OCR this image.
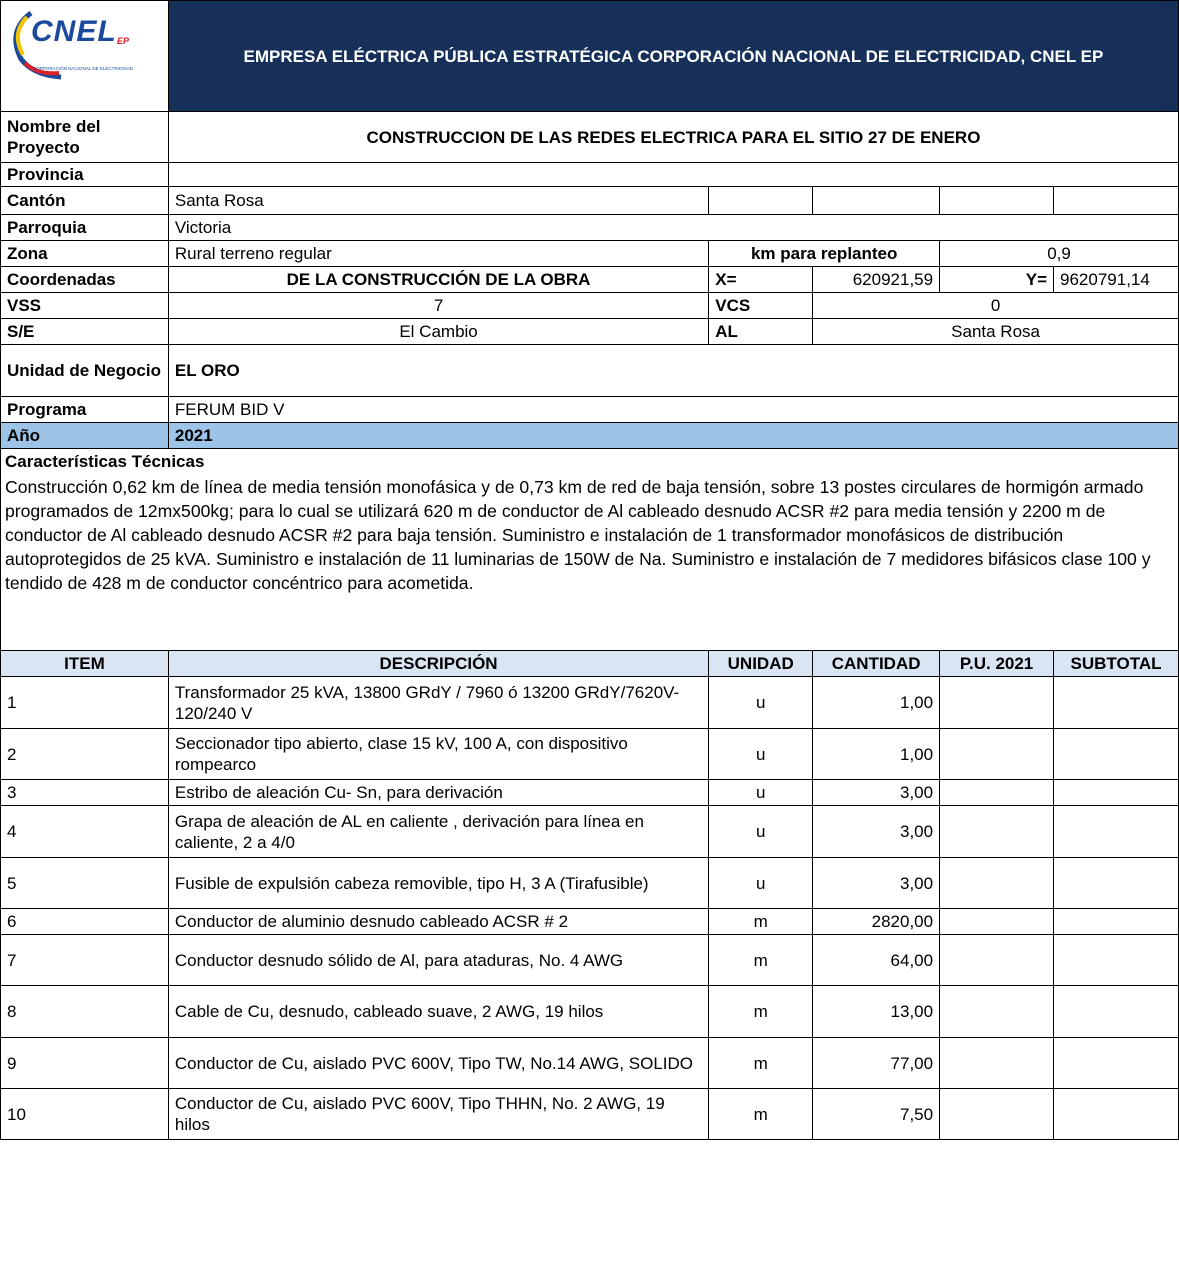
CNEL EP
CORPORACIÓN NACIONAL DE ELECTRICIDAD	EMPRESA ELÉCTRICA PÚBLICA ESTRATÉGICA CORPORACIÓN NACIONAL DE ELECTRICIDAD, CNEL EP				
Nombre del Proyecto	CONSTRUCCION DE LAS REDES ELECTRICA PARA EL SITIO 27 DE ENERO				
Provincia					
Cantón	Santa Rosa				
Parroquia	Victoria				
Zona	Rural terreno regular	km para replanteo		0,9	
Coordenadas	DE LA CONSTRUCCIÓN DE LA OBRA	X=	620921,59	Y=	9620791,14
VSS	7	VCS	0		
S/E	El Cambio	AL	Santa Rosa		
Unidad de Negocio	EL ORO				
Programa	FERUM BID V				
Año	2021				
Características Técnicas					
Construcción 0,62 km de línea de media tensión monofásica y de 0,73 km de red de baja tensión, sobre 13 postes circulares de hormigón armado programados de 12mx500kg; para lo cual se utilizará 620 m de conductor de Al cableado desnudo ACSR #2 para media tensión y 2200 m de conductor de Al cableado desnudo ACSR #2 para baja tensión. Suministro e instalación de 1 transformador monofásicos de distribución autoprotegidos de 25 kVA. Suministro e instalación de 11 luminarias de 150W de Na. Suministro e instalación de 7 medidores bifásicos clase 100 y tendido de 428 m de conductor concéntrico para acometida.					
ITEM	DESCRIPCIÓN	UNIDAD	CANTIDAD	P.U. 2021	SUBTOTAL
1	Transformador 25 kVA, 13800 GRdY / 7960 ó 13200 GRdY/7620V-120/240 V	u	1,00		
2	Seccionador tipo abierto, clase 15 kV, 100 A, con dispositivo rompearco	u	1,00		
3	Estribo de aleación Cu- Sn, para derivación	u	3,00		
4	Grapa de aleación de AL en caliente , derivación para línea en caliente, 2 a 4/0	u	3,00		
5	Fusible de expulsión cabeza removible, tipo H, 3 A (Tirafusible)	u	3,00		
6	Conductor de aluminio desnudo cableado ACSR # 2	m	2820,00		
7	Conductor desnudo sólido de Al, para ataduras, No. 4 AWG	m	64,00		
8	Cable de Cu, desnudo, cableado suave, 2 AWG, 19 hilos	m	13,00		
9	Conductor de Cu, aislado PVC 600V, Tipo TW, No.14 AWG, SOLIDO	m	77,00		
10	Conductor de Cu, aislado PVC 600V, Tipo THHN, No. 2 AWG, 19 hilos	m	7,50		
